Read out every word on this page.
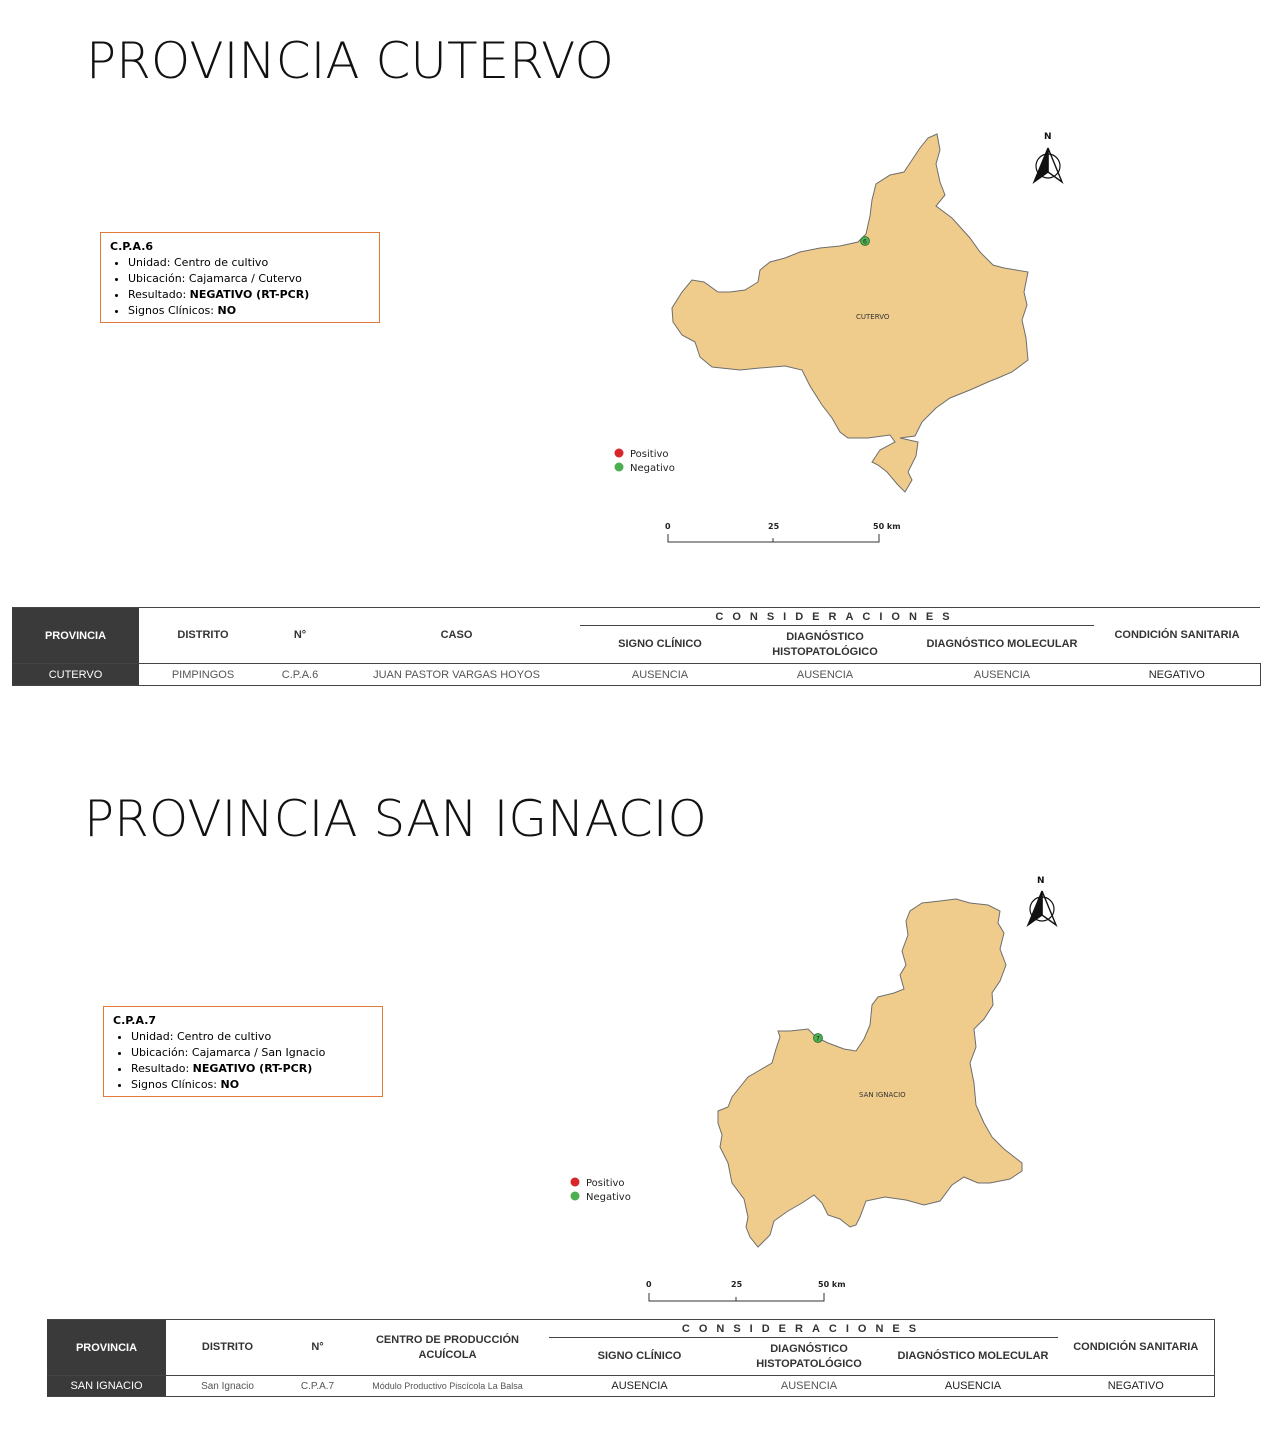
PROVINCIA CUTERVO
C.P.A.6
• Unidad: Centro de cultivo
• Ubicación: Cajamarca / Cutervo
• Resultado: NEGATIVO (RT-PCR)
• Signos Clínicos: NO	CUTERVO
6
N
Positivo
Negativo
0	25	50 km
PROVINCIA	DISTRITO	N°	CASO	CONSIDERACIONES			CONDICIÓN SANITARIA
				SIGNO CLÍNICO	DIAGNÓSTICO HISTOPATOLÓGICO	DIAGNÓSTICO MOLECULAR	
CUTERVO	PIMPINGOS	C.P.A.6	JUAN PASTOR VARGAS HOYOS	AUSENCIA	AUSENCIA	AUSENCIA	NEGATIVO
PROVINCIA SAN IGNACIO
C.P.A.7
• Unidad: Centro de cultivo
• Ubicación: Cajamarca / San Ignacio
• Resultado: NEGATIVO (RT-PCR)
• Signos Clínicos: NO
SAN IGNACIO
7
N
Positivo
Negativo
0	25	50 km
PROVINCIA	DISTRITO	N°	CENTRO DE PRODUCCIÓN ACUÍCOLA	CONSIDERACIONES			CONDICIÓN SANITARIA
				SIGNO CLÍNICO	DIAGNÓSTICO HISTOPATOLÓGICO	DIAGNÓSTICO MOLECULAR	
SAN IGNACIO	San Ignacio	C.P.A.7	Módulo Productivo Piscícola La Balsa	AUSENCIA	AUSENCIA	AUSENCIA	NEGATIVO
